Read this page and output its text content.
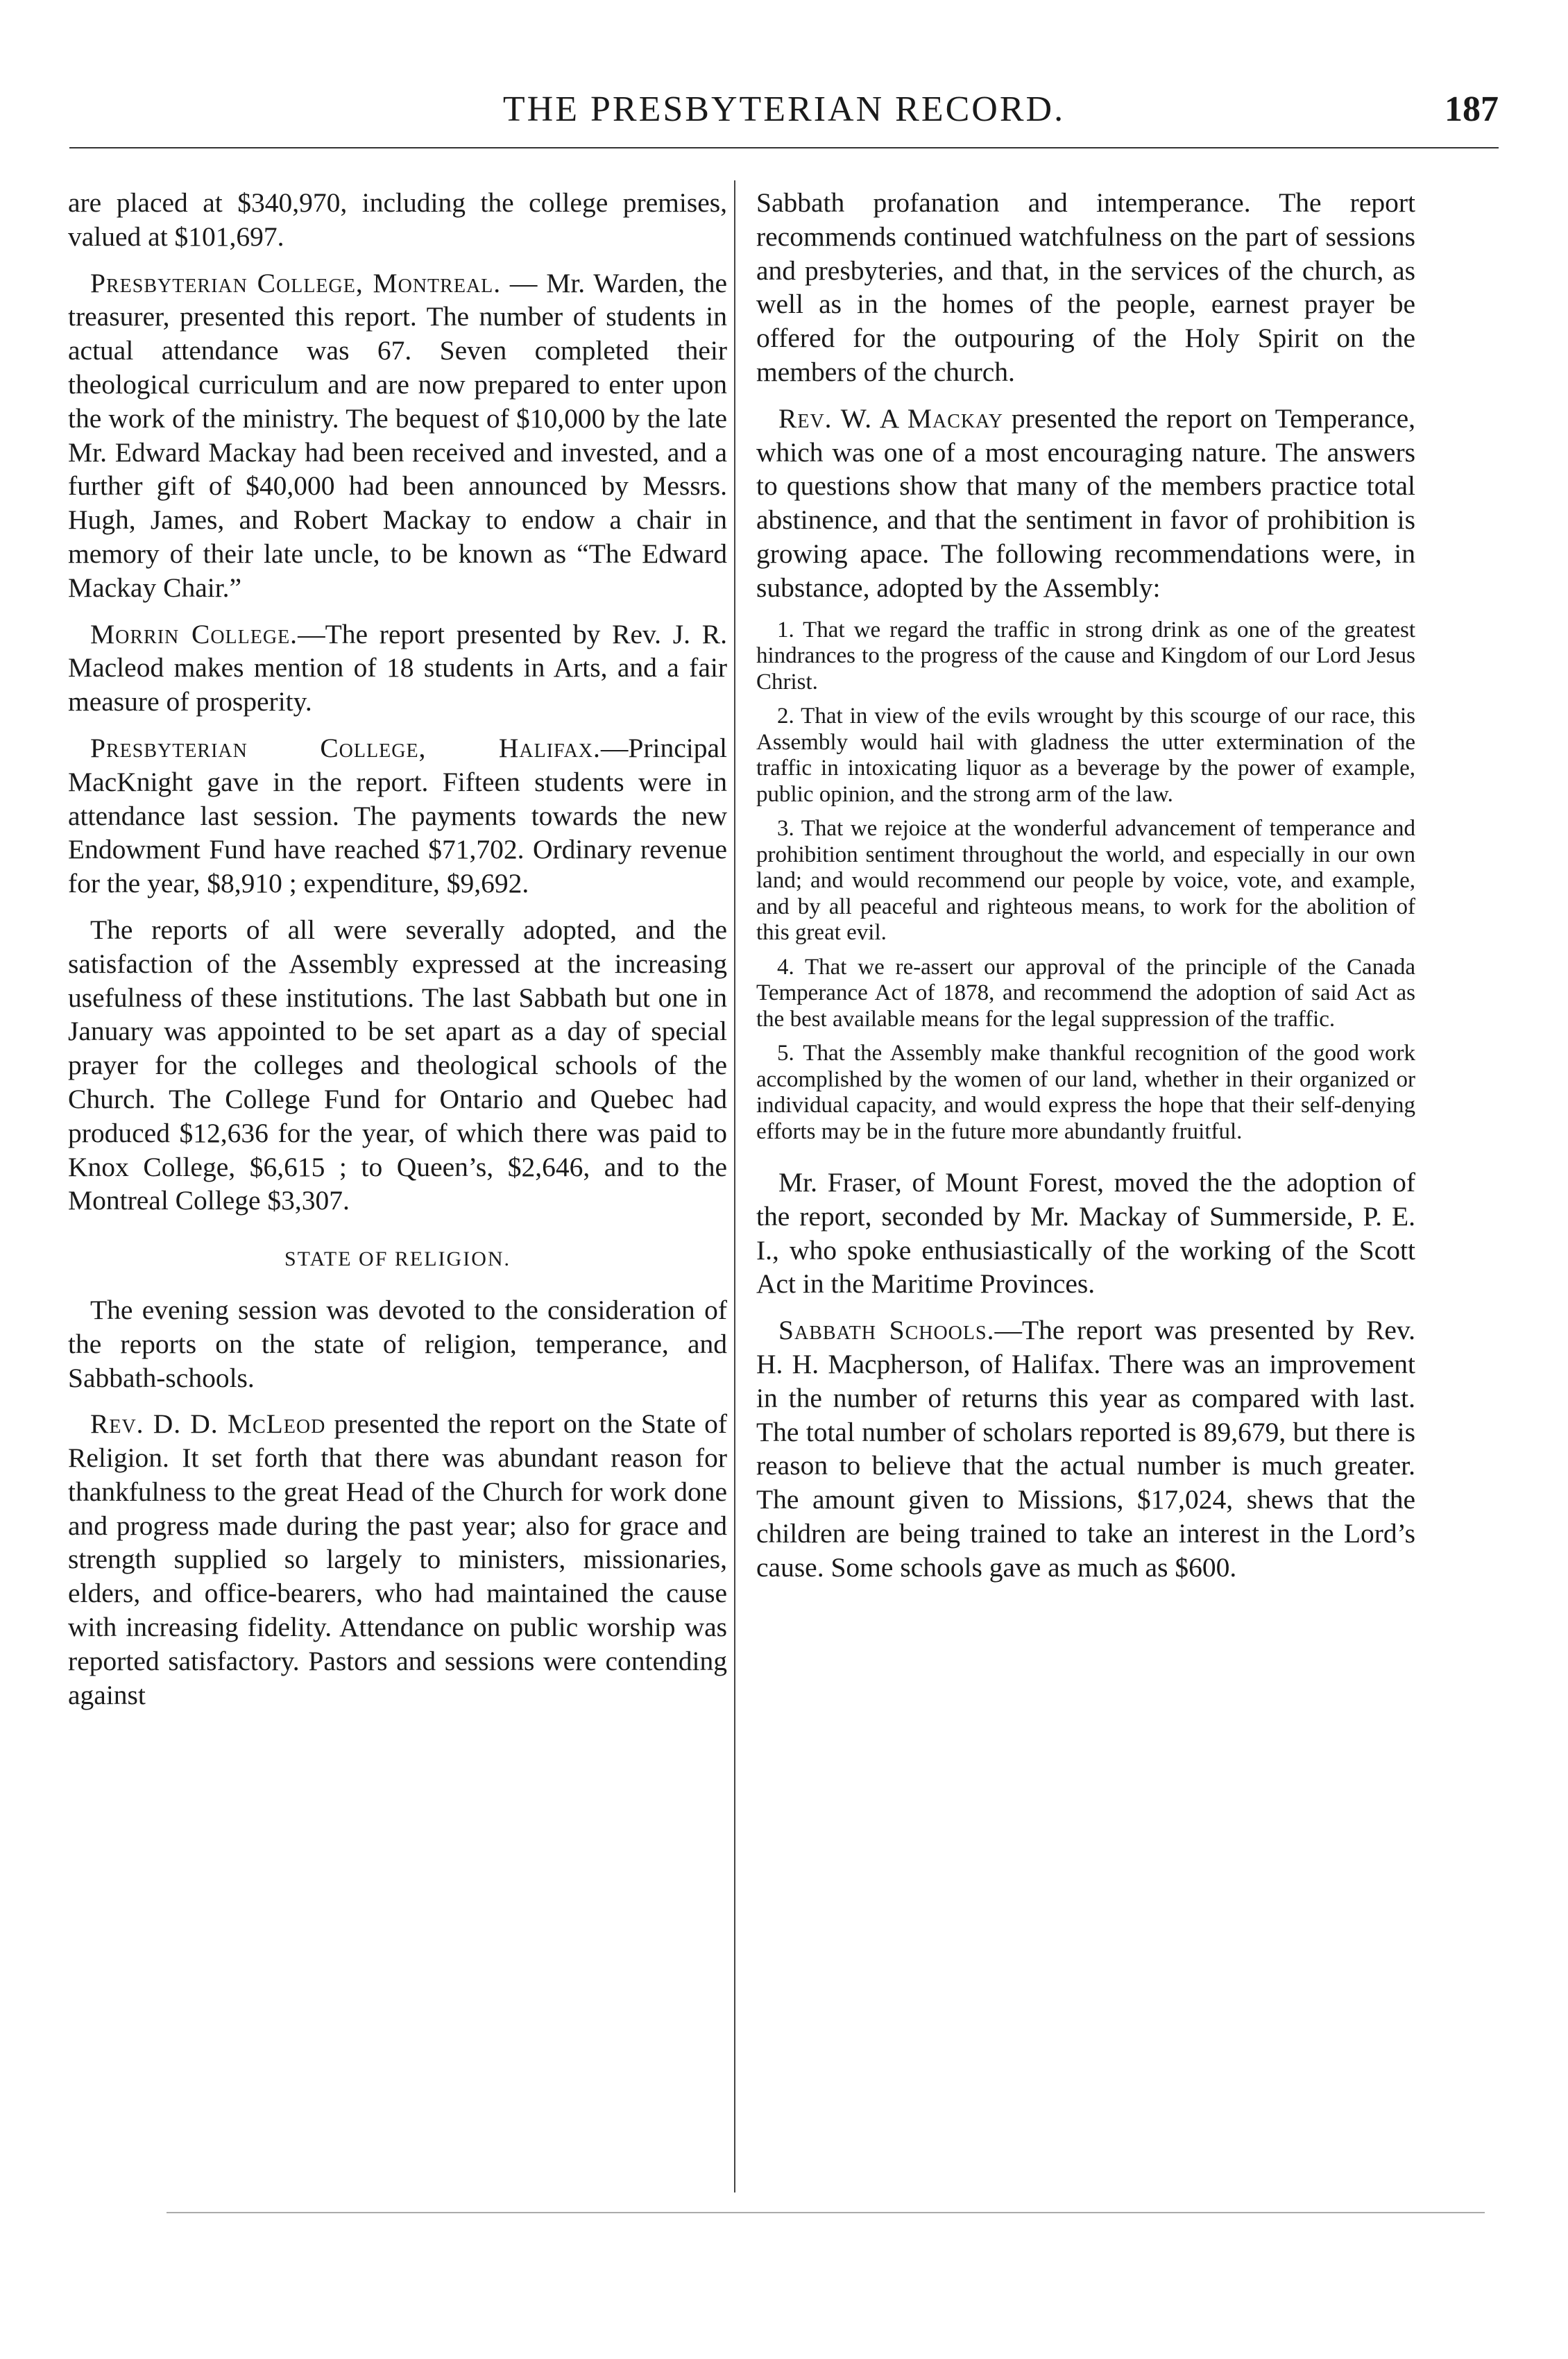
THE PRESBYTERIAN RECORD.	187

are placed at $340,970, including the college premises, valued at $101,697.

Presbyterian College, Montreal. — Mr. Warden, the treasurer, presented this report. The number of students in actual attendance was 67. Seven completed their theological curriculum and are now prepared to enter upon the work of the ministry. The bequest of $10,000 by the late Mr. Edward Mackay had been received and invested, and a further gift of $40,000 had been announced by Messrs. Hugh, James, and Robert Mackay to endow a chair in memory of their late uncle, to be known as “The Edward Mackay Chair.”

Morrin College.—The report presented by Rev. J. R. Macleod makes mention of 18 students in Arts, and a fair measure of prosperity.

Presbyterian College, Halifax.—Principal MacKnight gave in the report. Fifteen students were in attendance last session. The payments towards the new Endowment Fund have reached $71,702. Ordinary revenue for the year, $8,910 ; expenditure, $9,692.

The reports of all were severally adopted, and the satisfaction of the Assembly expressed at the increasing usefulness of these institutions. The last Sabbath but one in January was appointed to be set apart as a day of special prayer for the colleges and theological schools of the Church. The College Fund for Ontario and Quebec had produced $12,636 for the year, of which there was paid to Knox College, $6,615 ; to Queen’s, $2,646, and to the Montreal College $3,307.

STATE OF RELIGION.

The evening session was devoted to the consideration of the reports on the state of religion, temperance, and Sabbath-schools.

Rev. D. D. McLeod presented the report on the State of Religion. It set forth that there was abundant reason for thankfulness to the great Head of the Church for work done and progress made during the past year; also for grace and strength supplied so largely to ministers, missionaries, elders, and office-bearers, who had maintained the cause with increasing fidelity. Attendance on public worship was reported satisfactory. Pastors and sessions were contending against

Sabbath profanation and intemperance. The report recommends continued watchfulness on the part of sessions and presbyteries, and that, in the services of the church, as well as in the homes of the people, earnest prayer be offered for the outpouring of the Holy Spirit on the members of the church.

Rev. W. A Mackay presented the report on Temperance, which was one of a most encouraging nature. The answers to questions show that many of the members practice total abstinence, and that the sentiment in favor of prohibition is growing apace. The following recommendations were, in substance, adopted by the Assembly:

1. That we regard the traffic in strong drink as one of the greatest hindrances to the progress of the cause and Kingdom of our Lord Jesus Christ.
2. That in view of the evils wrought by this scourge of our race, this Assembly would hail with gladness the utter extermination of the traffic in intoxicating liquor as a beverage by the power of example, public opinion, and the strong arm of the law.
3. That we rejoice at the wonderful advancement of temperance and prohibition sentiment throughout the world, and especially in our own land; and would recommend our people by voice, vote, and example, and by all peaceful and righteous means, to work for the abolition of this great evil.
4. That we re-assert our approval of the principle of the Canada Temperance Act of 1878, and recommend the adoption of said Act as the best available means for the legal suppression of the traffic.
5. That the Assembly make thankful recognition of the good work accomplished by the women of our land, whether in their organized or individual capacity, and would express the hope that their self-denying efforts may be in the future more abundantly fruitful.

Mr. Fraser, of Mount Forest, moved the the adoption of the report, seconded by Mr. Mackay of Summerside, P. E. I., who spoke enthusiastically of the working of the Scott Act in the Maritime Provinces.

Sabbath Schools.—The report was presented by Rev. H. H. Macpherson, of Halifax. There was an improvement in the number of returns this year as compared with last. The total number of scholars reported is 89,679, but there is reason to believe that the actual number is much greater. The amount given to Missions, $17,024, shews that the children are being trained to take an interest in the Lord’s cause. Some schools gave as much as $600.
